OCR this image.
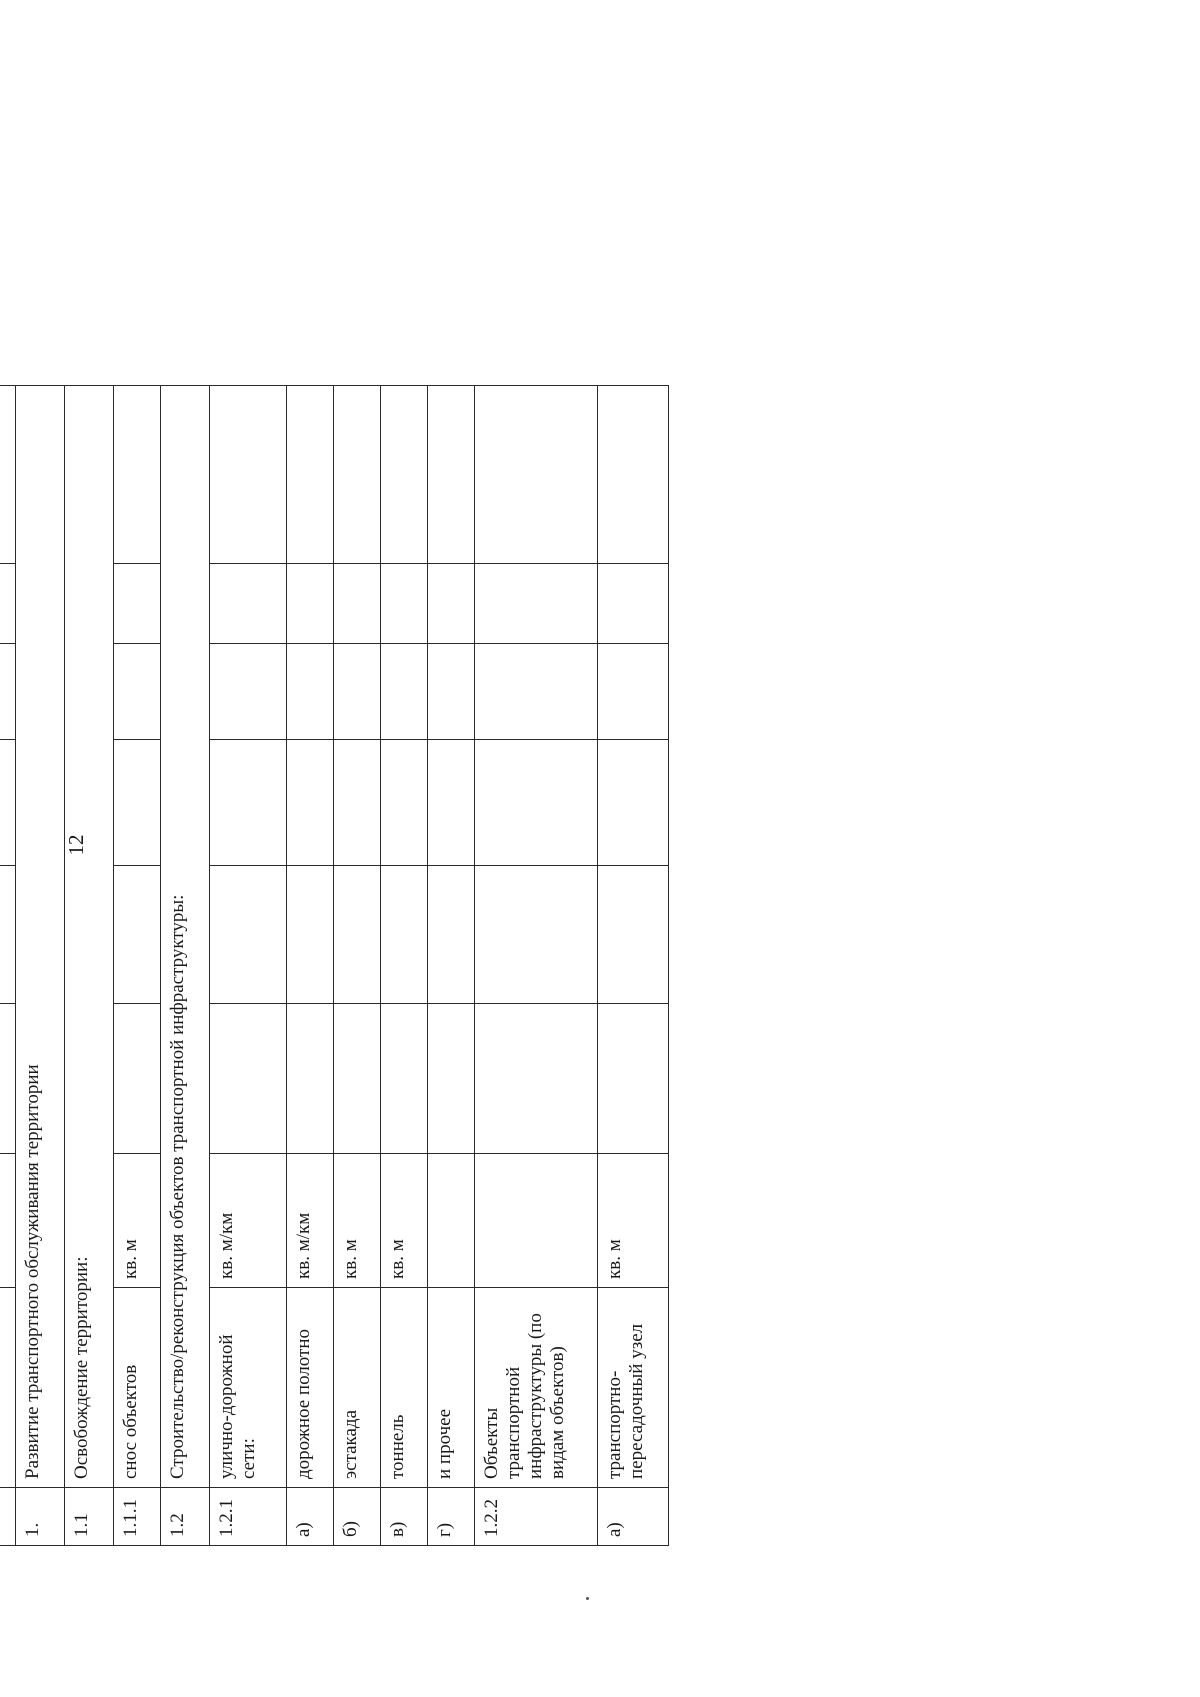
12

1.	Развитие транспортного обслуживания территории							
1.1	Освобождение территории:							
1.1.1	снос объектов	кв. м						
1.2	Строительство/реконструкция объектов транспортной инфраструктуры:							
1.2.1	улично-дорожной сети:	кв. м/км						
а)	дорожное полотно	кв. м/км						
б)	эстакада	кв. м						
в)	тоннель	кв. м						
г)	и прочее							
1.2.2	Объекты транспортной инфраструктуры (по видам объектов)							
а)	транспортно-пересадочный узел	кв. м						
